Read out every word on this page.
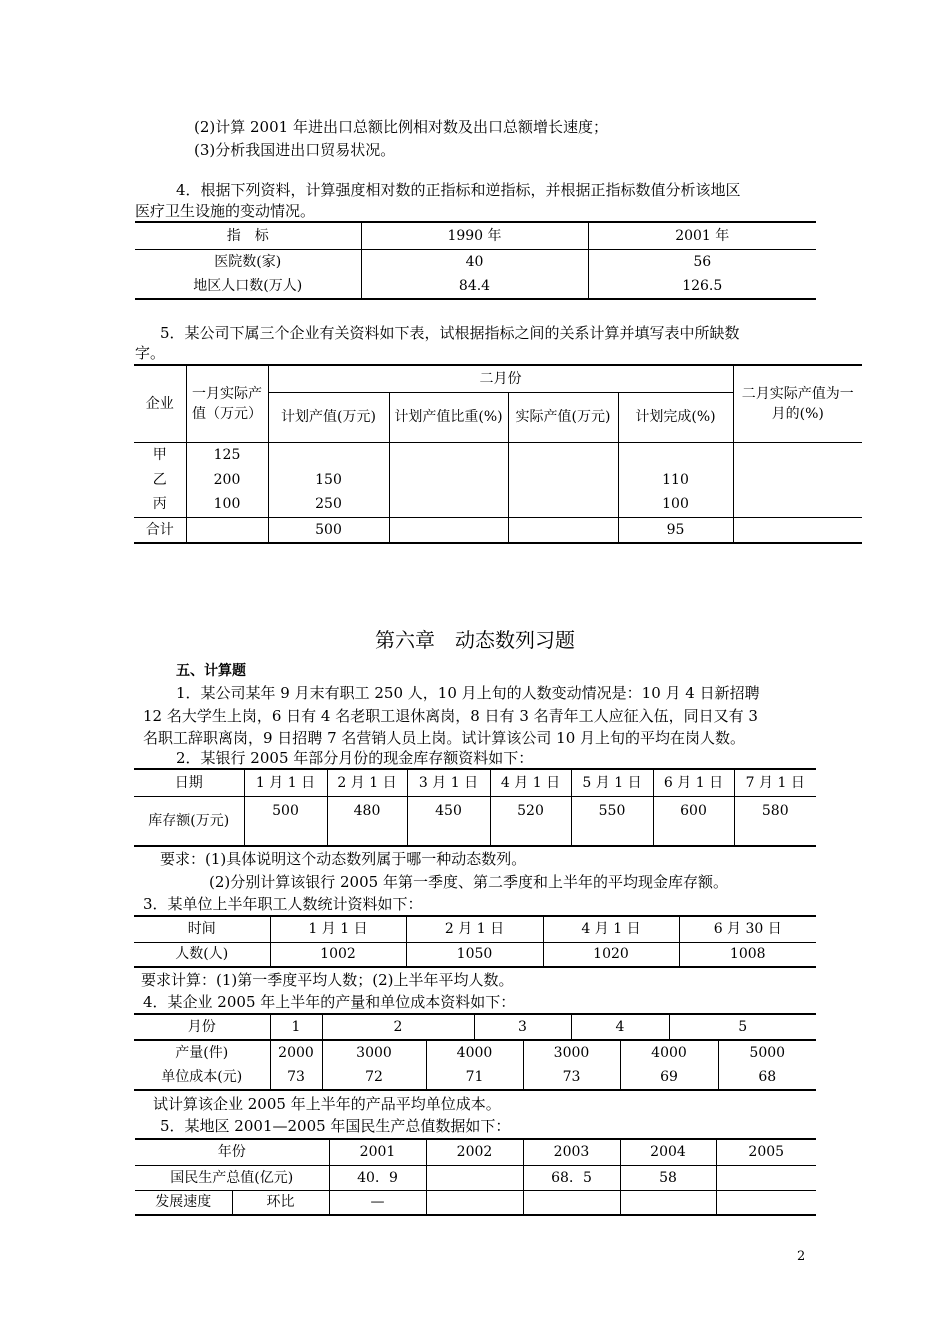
(2)计算 2001 年进出口总额比例相对数及出口总额增长速度；
(3)分析我国进出口贸易状况。
4．根据下列资料，计算强度相对数的正指标和逆指标，并根据正指标数值分析该地区
医疗卫生设施的变动情况。
指　标	1990 年	2001 年
医院数(家)	40	56
地区人口数(万人)	84.4	126.5
5．某公司下属三个企业有关资料如下表，试根据指标之间的关系计算并填写表中所缺数
字。
企业	一月实际产值（万元）	二月份				二月实际产值为一月的(%)
		计划产值(万元)	计划产值比重(%)	实际产值(万元)	计划完成(%)	
甲	125					
乙	200	150			110	
丙	100	250			100	
合计		500			95	
第六章　动态数列习题
五、计算题
1．某公司某年 9 月末有职工 250 人，10 月上旬的人数变动情况是：10 月 4 日新招聘
12 名大学生上岗，6 日有 4 名老职工退休离岗，8 日有 3 名青年工人应征入伍，同日又有 3
名职工辞职离岗，9 日招聘 7 名营销人员上岗。试计算该公司 10 月上旬的平均在岗人数。
2．某银行 2005 年部分月份的现金库存额资料如下：
日期	1 月 1 日	2 月 1 日	3 月 1 日	4 月 1 日	5 月 1 日	6 月 1 日	7 月 1 日
库存额(万元)	500	480	450	520	550	600	580
要求：(1)具体说明这个动态数列属于哪一种动态数列。
(2)分别计算该银行 2005 年第一季度、第二季度和上半年的平均现金库存额。
3．某单位上半年职工人数统计资料如下：
时间	1 月 1 日	2 月 1 日	4 月 1 日	6 月 30 日
人数(人)	1002	1050	1020	1008
要求计算：(1)第一季度平均人数；(2)上半年平均人数。
4．某企业 2005 年上半年的产量和单位成本资料如下：
月份	1	2	3	4	5
产量(件)	2000	3000	4000	3000	4000	5000
单位成本(元)	73	72	71	73	69	68
试计算该企业 2005 年上半年的产品平均单位成本。
5．某地区 2001—2005 年国民生产总值数据如下：
年份		2001	2002	2003	2004	2005
国民生产总值(亿元)		40．9		68．5	58	
发展速度	环比	—				
2
